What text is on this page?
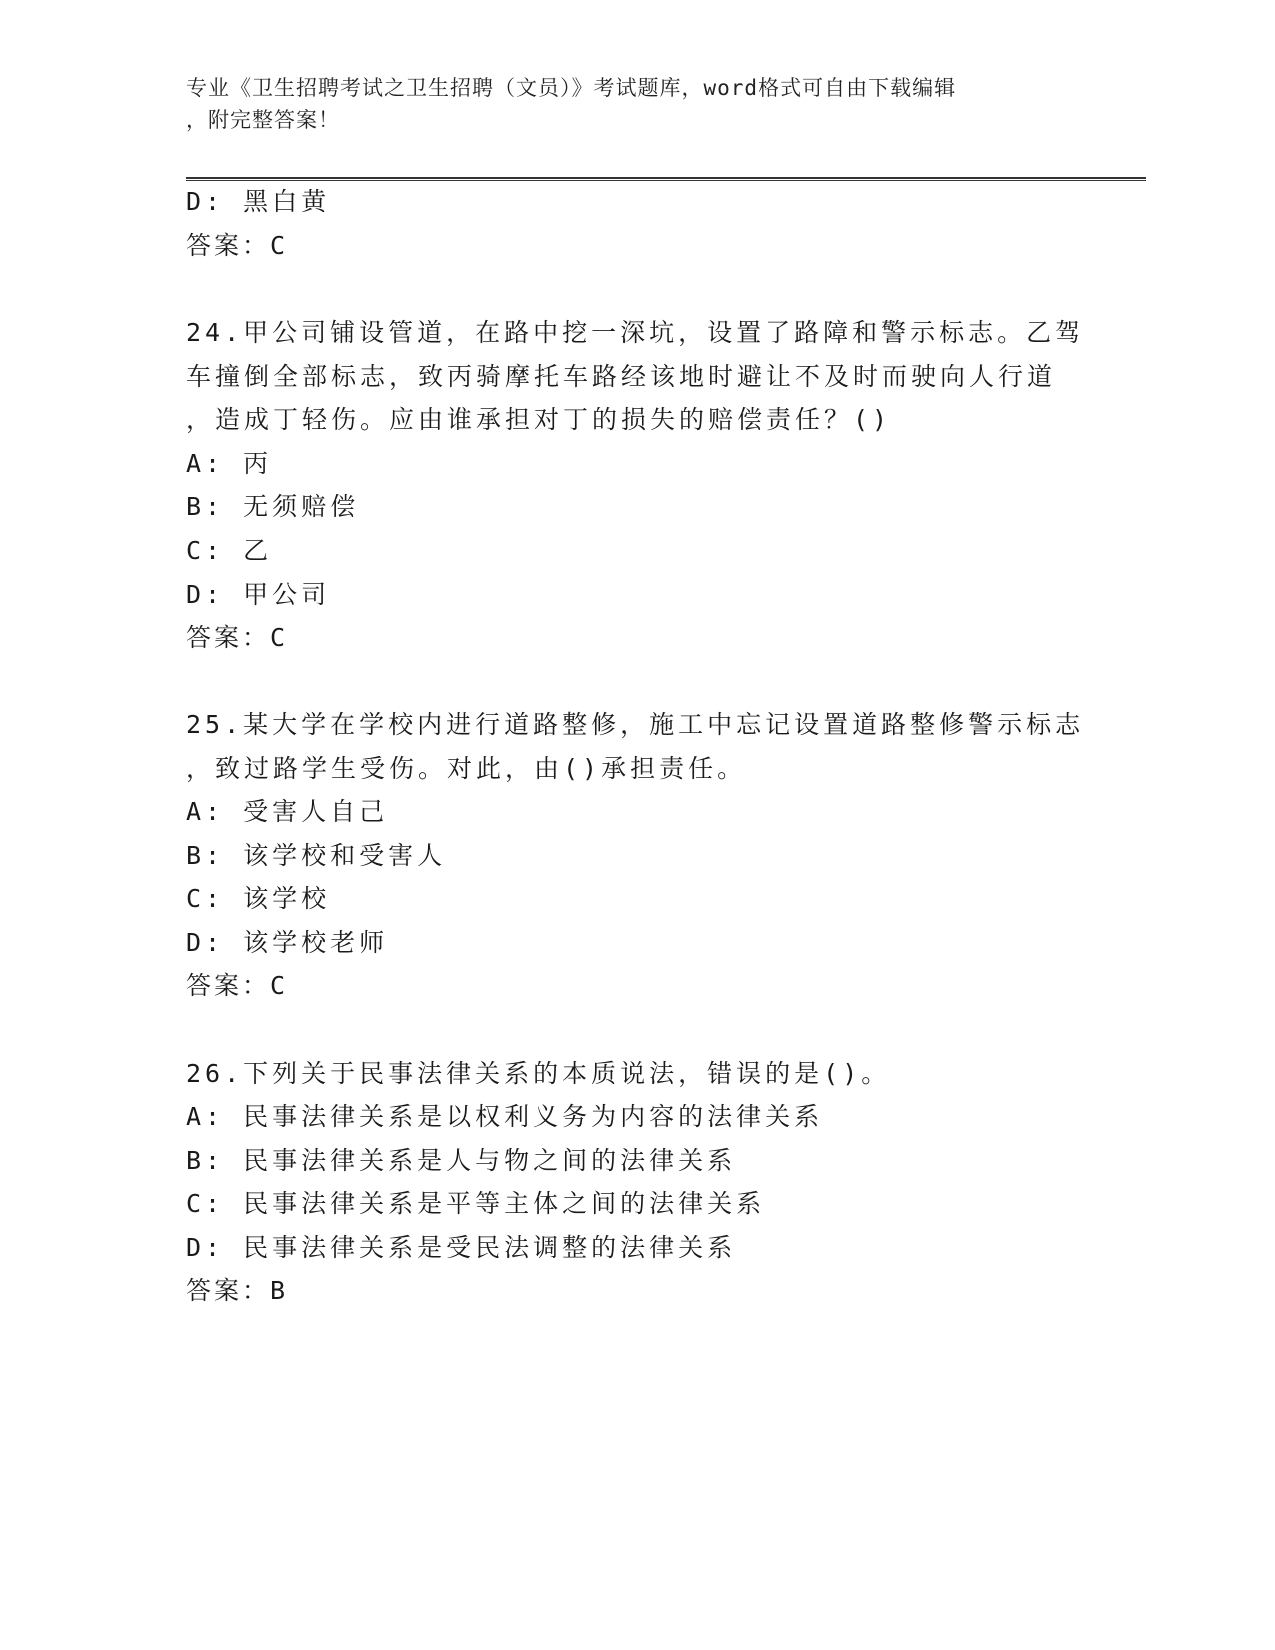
专业《卫生招聘考试之卫生招聘（文员）》考试题库，word格式可自由下载编辑
，附完整答案！
D: 黑白黄
答案：C
24.甲公司铺设管道，在路中挖一深坑，设置了路障和警示标志。乙驾
车撞倒全部标志，致丙骑摩托车路经该地时避让不及时而驶向人行道
，造成丁轻伤。应由谁承担对丁的损失的赔偿责任？()
A: 丙
B: 无须赔偿
C: 乙
D: 甲公司
答案：C
25.某大学在学校内进行道路整修，施工中忘记设置道路整修警示标志
，致过路学生受伤。对此，由()承担责任。
A: 受害人自己
B: 该学校和受害人
C: 该学校
D: 该学校老师
答案：C
26.下列关于民事法律关系的本质说法，错误的是()。
A: 民事法律关系是以权利义务为内容的法律关系
B: 民事法律关系是人与物之间的法律关系
C: 民事法律关系是平等主体之间的法律关系
D: 民事法律关系是受民法调整的法律关系
答案：B
